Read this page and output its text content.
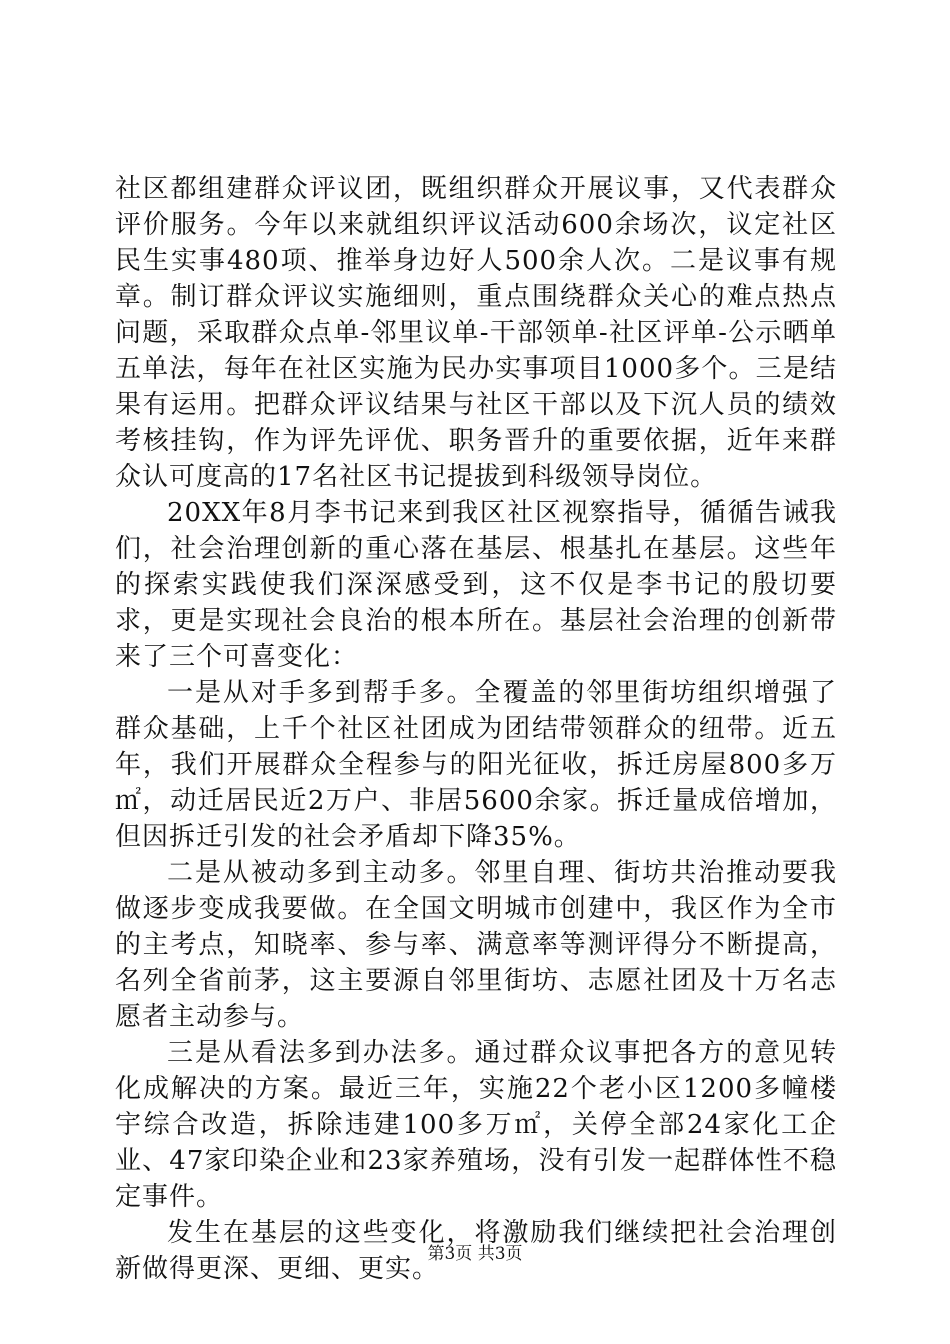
社区都组建群众评议团，既组织群众开展议事，又代表群众评价服务。今年以来就组织评议活动600余场次，议定社区民生实事480项、推举身边好人500余人次。二是议事有规章。制订群众评议实施细则，重点围绕群众关心的难点热点问题，采取群众点单-邻里议单-干部领单-社区评单-公示晒单五单法，每年在社区实施为民办实事项目1000多个。三是结果有运用。把群众评议结果与社区干部以及下沉人员的绩效考核挂钩，作为评先评优、职务晋升的重要依据，近年来群众认可度高的17名社区书记提拔到科级领导岗位。

20XX年8月李书记来到我区社区视察指导，循循告诫我们，社会治理创新的重心落在基层、根基扎在基层。这些年的探索实践使我们深深感受到，这不仅是李书记的殷切要求，更是实现社会良治的根本所在。基层社会治理的创新带来了三个可喜变化：

一是从对手多到帮手多。全覆盖的邻里街坊组织增强了群众基础，上千个社区社团成为团结带领群众的纽带。近五年，我们开展群众全程参与的阳光征收，拆迁房屋800多万㎡，动迁居民近2万户、非居5600余家。拆迁量成倍增加，但因拆迁引发的社会矛盾却下降35%。

二是从被动多到主动多。邻里自理、街坊共治推动要我做逐步变成我要做。在全国文明城市创建中，我区作为全市的主考点，知晓率、参与率、满意率等测评得分不断提高，名列全省前茅，这主要源自邻里街坊、志愿社团及十万名志愿者主动参与。

三是从看法多到办法多。通过群众议事把各方的意见转化成解决的方案。最近三年，实施22个老小区1200多幢楼宇综合改造，拆除违建100多万㎡，关停全部24家化工企业、47家印染企业和23家养殖场，没有引发一起群体性不稳定事件。

发生在基层的这些变化，将激励我们继续把社会治理创新做得更深、更细、更实。

第3页 共3页
